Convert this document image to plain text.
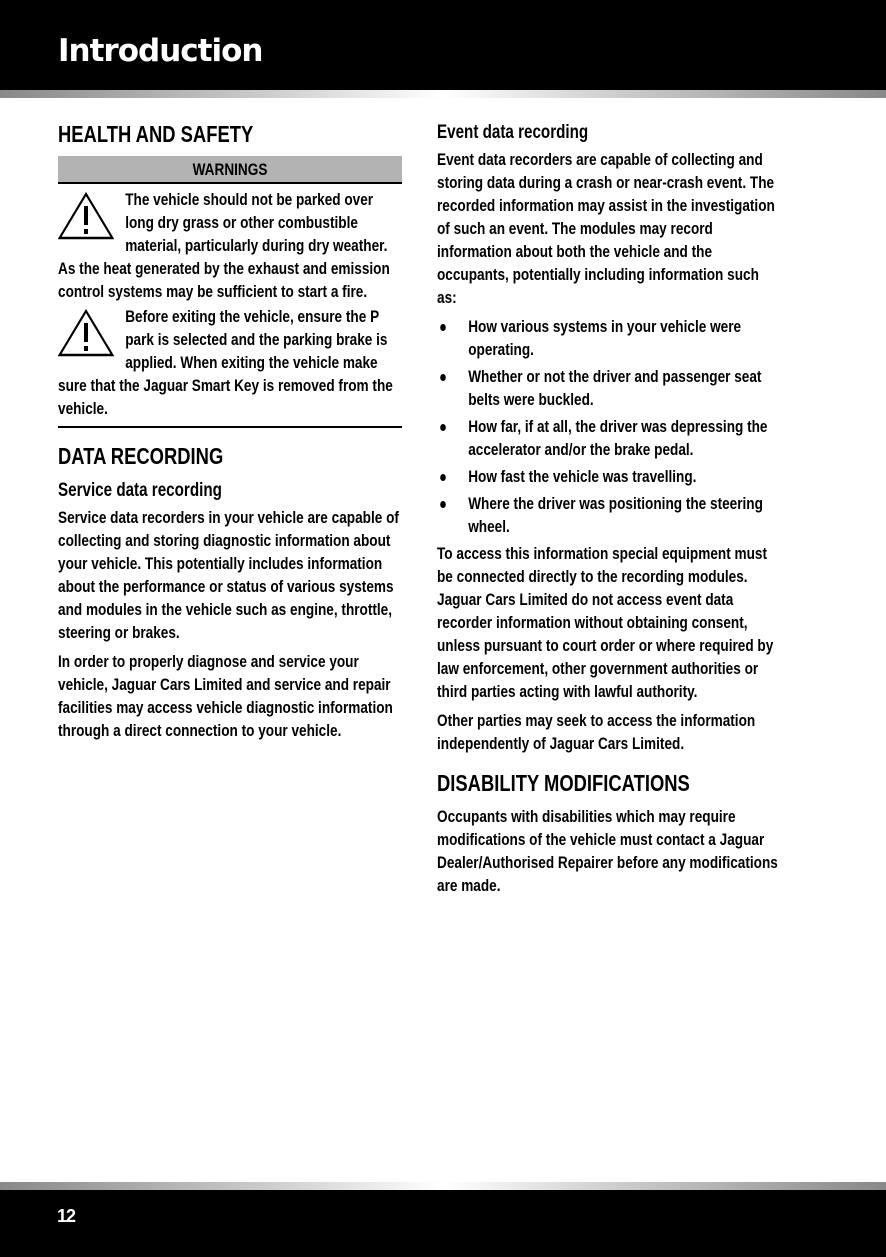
Introduction
HEALTH AND SAFETY
WARNINGS
The vehicle should not be parked over long dry grass or other combustible material, particularly during dry weather. As the heat generated by the exhaust and emission control systems may be sufficient to start a fire.
Before exiting the vehicle, ensure the P park is selected and the parking brake is applied. When exiting the vehicle make sure that the Jaguar Smart Key is removed from the vehicle.
DATA RECORDING
Service data recording

Service data recorders in your vehicle are capable of collecting and storing diagnostic information about your vehicle. This potentially includes information about the performance or status of various systems and modules in the vehicle such as engine, throttle, steering or brakes.

In order to properly diagnose and service your vehicle, Jaguar Cars Limited and service and repair facilities may access vehicle diagnostic information through a direct connection to your vehicle.

Event data recording

Event data recorders are capable of collecting and storing data during a crash or near-crash event. The recorded information may assist in the investigation of such an event. The modules may record information about both the vehicle and the occupants, potentially including information such as:

How various systems in your vehicle were operating.
Whether or not the driver and passenger seat belts were buckled.
How far, if at all, the driver was depressing the accelerator and/or the brake pedal.
How fast the vehicle was travelling.
Where the driver was positioning the steering wheel.

To access this information special equipment must be connected directly to the recording modules. Jaguar Cars Limited do not access event data recorder information without obtaining consent, unless pursuant to court order or where required by law enforcement, other government authorities or third parties acting with lawful authority.

Other parties may seek to access the information independently of Jaguar Cars Limited.

DISABILITY MODIFICATIONS

Occupants with disabilities which may require modifications of the vehicle must contact a Jaguar Dealer/Authorised Repairer before any modifications are made.

12
